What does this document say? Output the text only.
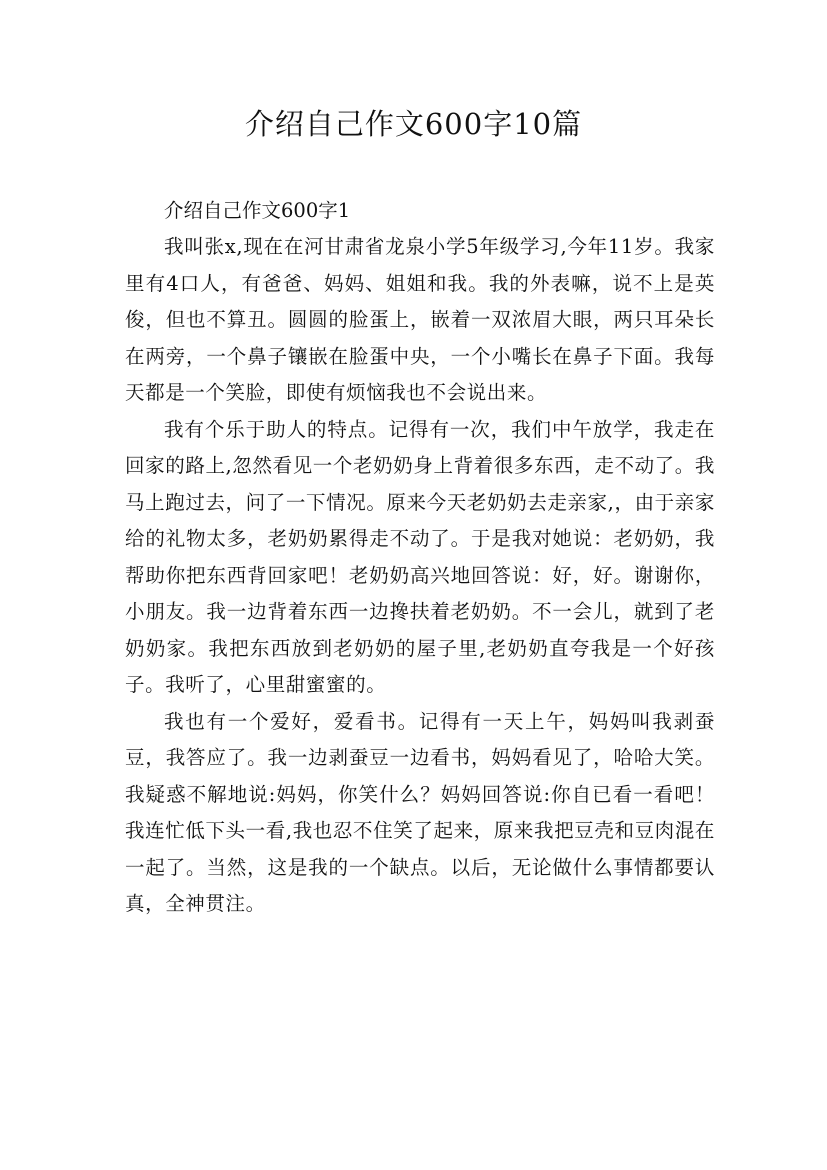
介绍自己作文600字10篇

介绍自己作文600字1

我叫张x,现在在河甘肃省龙泉小学5年级学习,今年11岁。我家里有4口人，有爸爸、妈妈、姐姐和我。我的外表嘛，说不上是英俊，但也不算丑。圆圆的脸蛋上，嵌着一双浓眉大眼，两只耳朵长在两旁，一个鼻子镶嵌在脸蛋中央，一个小嘴长在鼻子下面。我每天都是一个笑脸，即使有烦恼我也不会说出来。

我有个乐于助人的特点。记得有一次，我们中午放学，我走在回家的路上,忽然看见一个老奶奶身上背着很多东西，走不动了。我马上跑过去，问了一下情况。原来今天老奶奶去走亲家,，由于亲家给的礼物太多，老奶奶累得走不动了。于是我对她说：老奶奶，我帮助你把东西背回家吧！老奶奶高兴地回答说：好，好。谢谢你，小朋友。我一边背着东西一边搀扶着老奶奶。不一会儿，就到了老奶奶家。我把东西放到老奶奶的屋子里,老奶奶直夸我是一个好孩子。我听了，心里甜蜜蜜的。

我也有一个爱好，爱看书。记得有一天上午，妈妈叫我剥蚕豆，我答应了。我一边剥蚕豆一边看书，妈妈看见了，哈哈大笑。我疑惑不解地说:妈妈，你笑什么？妈妈回答说:你自已看一看吧！我连忙低下头一看,我也忍不住笑了起来，原来我把豆壳和豆肉混在一起了。当然，这是我的一个缺点。以后，无论做什么事情都要认真，全神贯注。
